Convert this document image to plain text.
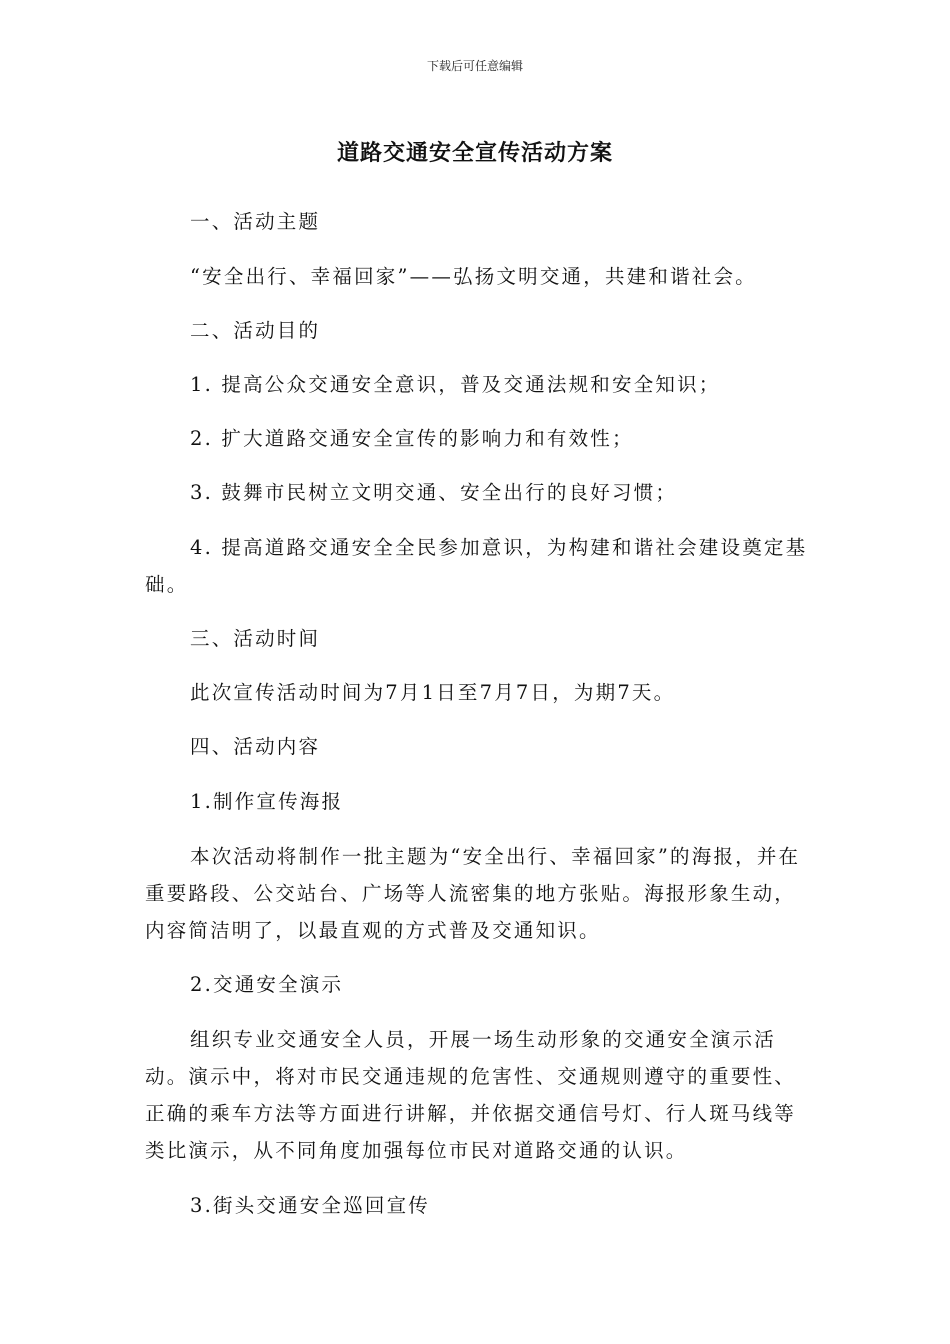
下载后可任意编辑
道路交通安全宣传活动方案

一、活动主题

“安全出行、幸福回家”——弘扬文明交通，共建和谐社会。

二、活动目的

1. 提高公众交通安全意识，普及交通法规和安全知识；

2. 扩大道路交通安全宣传的影响力和有效性；

3. 鼓舞市民树立文明交通、安全出行的良好习惯；

4. 提高道路交通安全全民参加意识，为构建和谐社会建设奠定基础。

三、活动时间

此次宣传活动时间为7月1日至7月7日，为期7天。

四、活动内容

1.制作宣传海报

本次活动将制作一批主题为“安全出行、幸福回家”的海报，并在重要路段、公交站台、广场等人流密集的地方张贴。海报形象生动，内容简洁明了，以最直观的方式普及交通知识。

2.交通安全演示

组织专业交通安全人员，开展一场生动形象的交通安全演示活动。演示中，将对市民交通违规的危害性、交通规则遵守的重要性、正确的乘车方法等方面进行讲解，并依据交通信号灯、行人斑马线等类比演示，从不同角度加强每位市民对道路交通的认识。

3.街头交通安全巡回宣传
